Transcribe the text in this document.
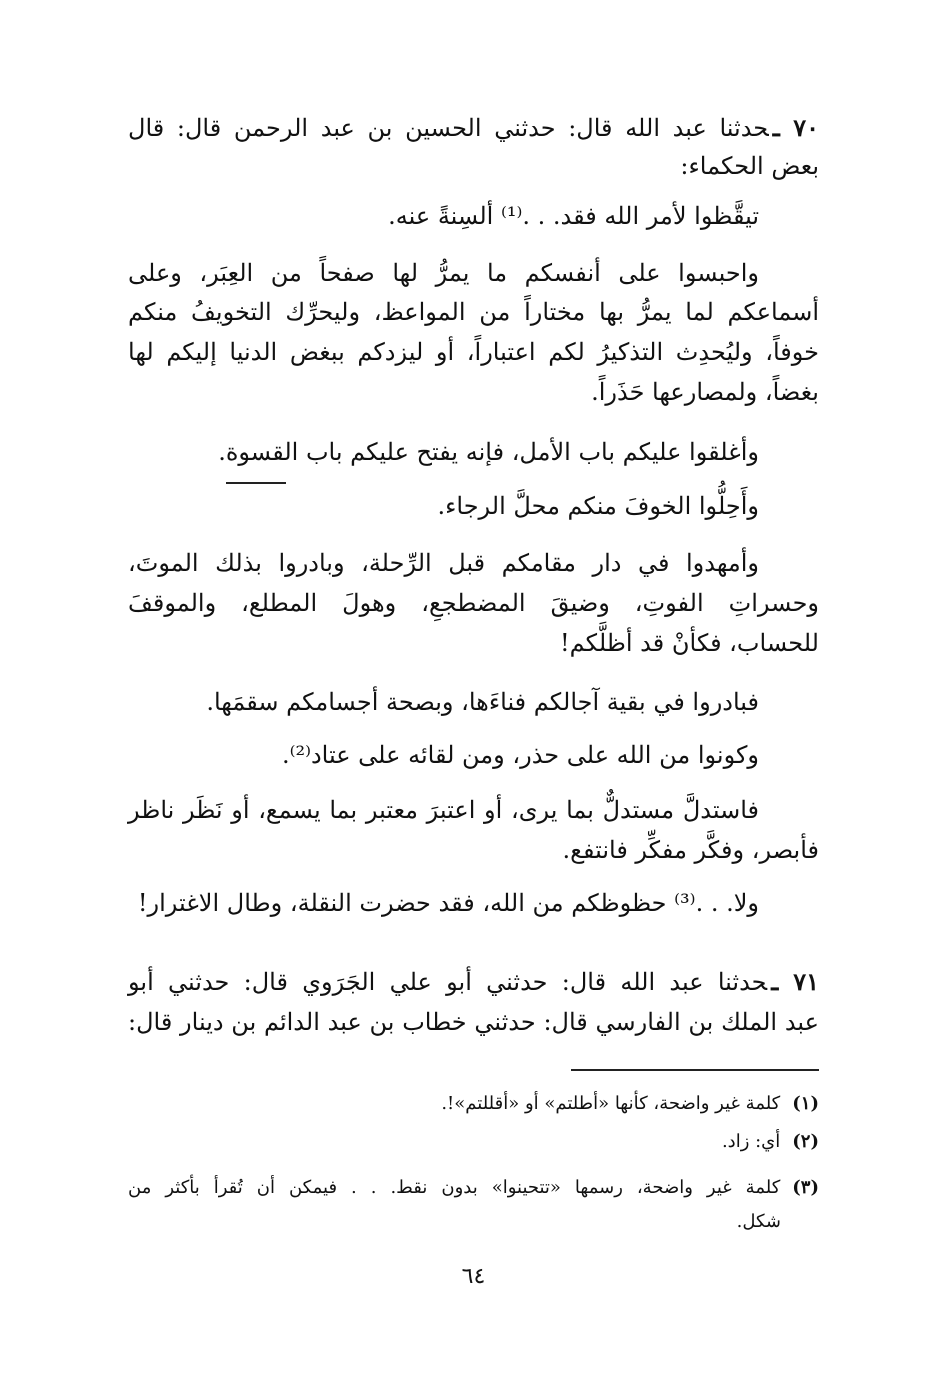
٧٠ ـحدثنا عبد الله قال: حدثني الحسين بن عبد الرحمن قال: قال
بعض الحكماء:
تيقَّظوا لأمر الله فقد. . .⁽¹⁾ ألسِنةً عنه.
واحبسوا على أنفسكم ما يمرُّ لها صفحاً من العِبَر، وعلى
أسماعكم لما يمرُّ بها مختاراً من المواعظ، وليحرِّك التخويفُ منكم
خوفاً، وليُحدِث التذكيرُ لكم اعتباراً، أو ليزدكم ببغض الدنيا إليكم لها
بغضاً، ولمصارعها حَذَراً.
وأغلقوا عليكم باب الأمل، فإنه يفتح عليكم باب القسوة.
وأَحِلُّوا الخوفَ منكم محلَّ الرجاء.
وأمهدوا في دار مقامكم قبل الرِّحلة، وبادروا بذلك الموتَ،
وحسراتِ الفوتِ، وضيقَ المضطجعِ، وهولَ المطلع، والموقفَ
للحساب، فكأنْ قد أظلَّكم!
فبادروا في بقية آجالكم فناءَها، وبصحة أجسامكم سقمَها.
وكونوا من الله على حذر، ومن لقائه على عتاد⁽²⁾.
فاستدلَّ مستدلٌّ بما يرى، أو اعتبرَ معتبر بما يسمع، أو نَظَر ناظر
فأبصر، وفكَّر مفكِّر فانتفع.
ولا. . .⁽³⁾ حظوظكم من الله، فقد حضرت النقلة، وطال الاغترار!
٧١ ـحدثنا عبد الله قال: حدثني أبو علي الجَرَوي قال: حدثني أبو
عبد الملك بن الفارسي قال: حدثني خطاب بن عبد الدائم بن دينار قال:
(١)كلمة غير واضحة، كأنها «أطلتم» أو «أقللتم»!.
(٢)أي: زاد.
(٣)كلمة غير واضحة، رسمها «تتحينوا» بدون نقط. . . فيمكن أن تُقرأ بأكثر من
شكل.
٦٤
